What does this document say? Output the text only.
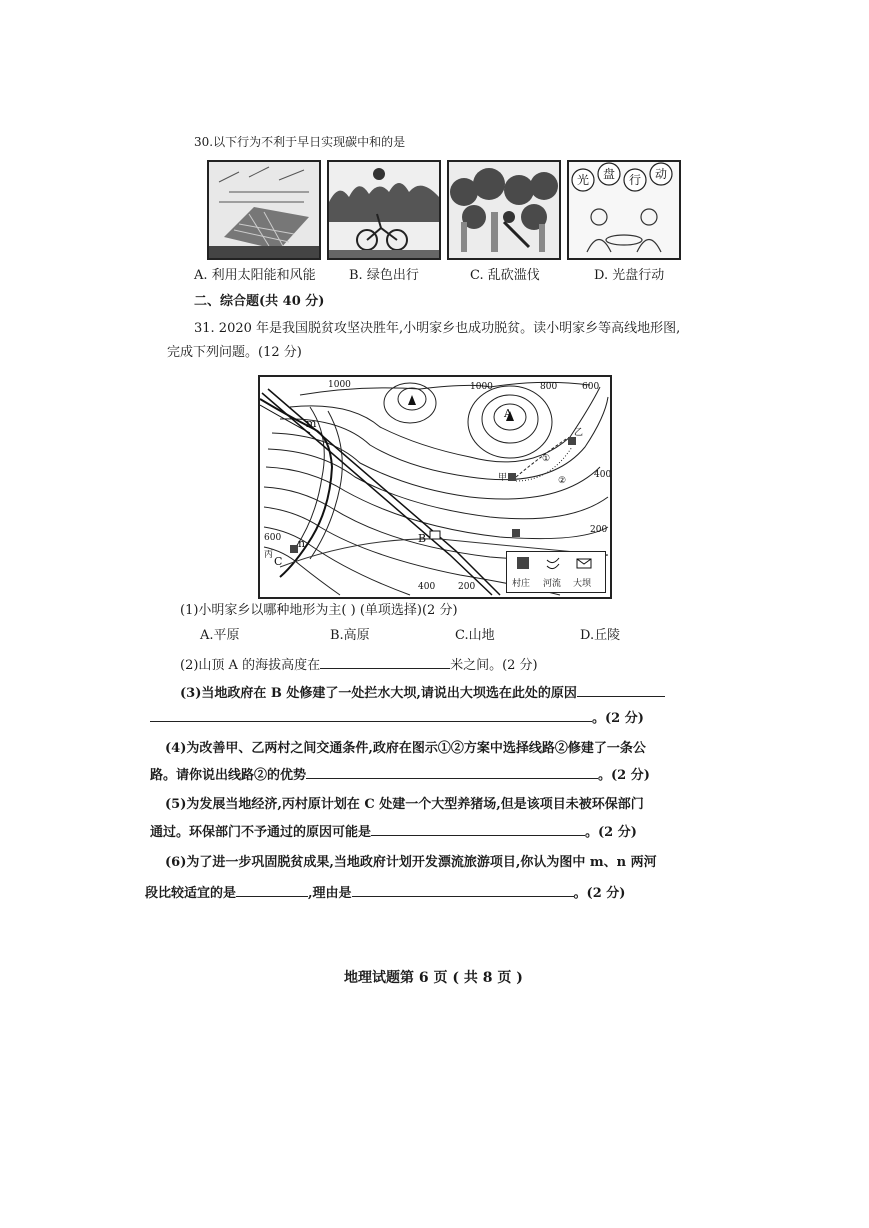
30.以下行为不利于早日实现碳中和的是
光 盘 行 动
A. 利用太阳能和风能	B. 绿色出行	C. 乱砍滥伐	D. 光盘行动
二、综合题(共 40 分)
31. 2020 年是我国脱贫攻坚决胜年,小明家乡也成功脱贫。读小明家乡等高线地形图,
完成下列问题。(12 分)
1000	1000	800	600
400
200
600
400	200
A
B
C
m
n
甲
乙
丙
①
②
村庄 河流 大坝
(1)小明家乡以哪种地形为主( ) (单项选择)(2 分)
A.平原	B.高原	C.山地	D.丘陵
(2)山顶 A 的海拔高度在	米之间。(2 分)
(3)当地政府在 B 处修建了一处拦水大坝,请说出大坝选在此处的原因
。(2 分)
(4)为改善甲、乙两村之间交通条件,政府在图示①②方案中选择线路②修建了一条公
路。请你说出线路②的优势	。(2 分)
(5)为发展当地经济,丙村原计划在 C 处建一个大型养猪场,但是该项目未被环保部门
通过。环保部门不予通过的原因可能是	。(2 分)
(6)为了进一步巩固脱贫成果,当地政府计划开发漂流旅游项目,你认为图中 m、n 两河
段比较适宜的是	,理由是	。(2 分)
地理试题第 6 页 ( 共 8 页 )
